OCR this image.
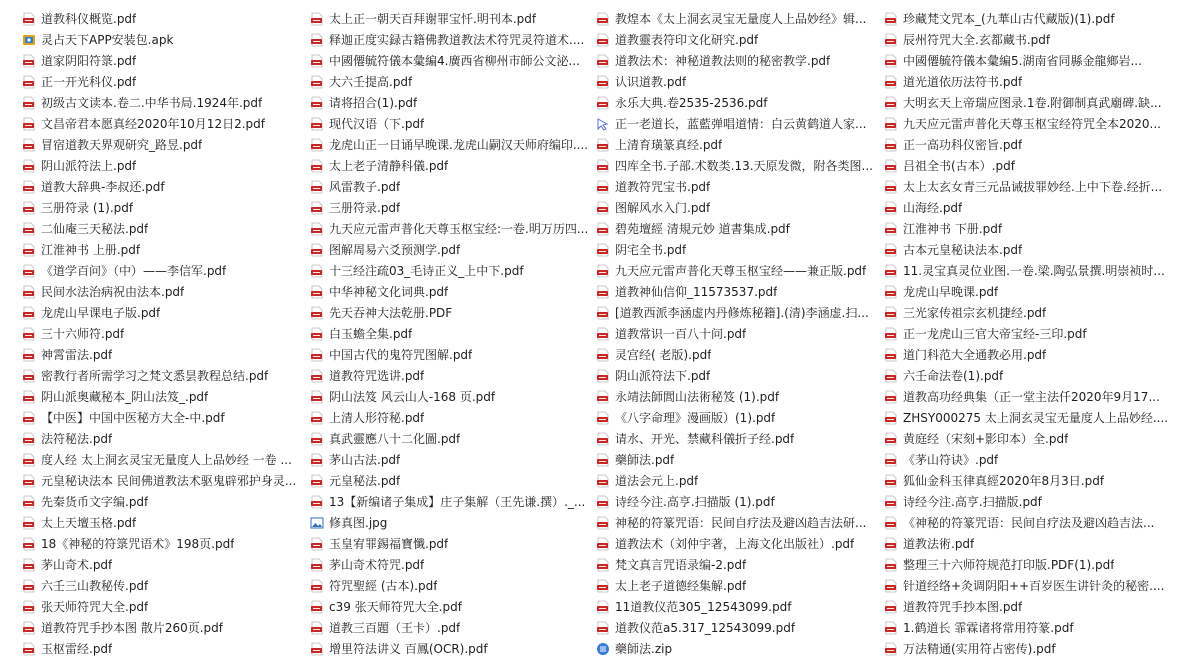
道教科仪概览.pdf
灵占天下APP安装包.apk
道家阴阳符箓.pdf
正一开光科仪.pdf
初级古文读本.卷二.中华书局.1924年.pdf
文昌帝君本愿真经2020年10月12日2.pdf
冒宿道教天界观研究_路昱.pdf
阴山派符法上.pdf
道教大辞典-李叔还.pdf
三册符录 (1).pdf
二仙庵三天秘法.pdf
江淮神书 上册.pdf
《道学百问》（中）——李信军.pdf
民间水法治病祝由法本.pdf
龙虎山早课电子版.pdf
三十六师符.pdf
神霄雷法.pdf
密教行者所需学习之梵文悉昙教程总结.pdf
阴山派奥藏秘本_阴山法笈_.pdf
【中医】中国中医秘方大全-中.pdf
法符秘法.pdf
度人经 太上洞玄灵宝无量度人上品妙经 一卷 ...
元皇秘诀法本 民间佛道教法术驱鬼辟邪护身灵...
先秦货币文字编.pdf
太上天壇玉格.pdf
18《神秘的符箓咒语术》198页.pdf
茅山奇术.pdf
六壬三山教秘传.pdf
张天师符咒大全.pdf
道教符咒手抄本图 散片260页.pdf
玉枢雷经.pdf
太上正一朝天百拜谢罪宝忏.明刊本.pdf
释迦正度实録古籍佛教道教法术符咒灵符道术....
中國僊毓符儀本彙編4.廣西省柳州市師公文泌...
大六壬提高.pdf
请将招合(1).pdf
现代汉语（下.pdf
龙虎山正一日诵早晚课.龙虎山嗣汉天师府编印....
太上老子清静科儀.pdf
风雷教子.pdf
三册符录.pdf
九天应元雷声普化天尊玉枢宝经:一卷.明万历四...
图解周易六爻预测学.pdf
十三经注疏03_毛诗正义_上中下.pdf
中华神秘文化词典.pdf
先天吞神大法乾册.PDF
白玉蟾全集.pdf
中国古代的鬼符咒图解.pdf
道教符咒选讲.pdf
阴山法笈 风云山人-168 页.pdf
上清人形符秘.pdf
真武靈應八十二化圖.pdf
茅山古法.pdf
元皇秘法.pdf
13【新编诸子集成】庄子集解（王先谦.撰）._...
修真图.jpg
玉皇宥罪錫福寶懺.pdf
茅山奇术符咒.pdf
符咒聖經 (古本).pdf
c39 张天师符咒大全.pdf
道教三百題（王卡）.pdf
增里符法讲义 百鳳(OCR).pdf
教煌本《太上洞玄灵宝无量度人上品妙经》辑...
道教靈表符印文化研究.pdf
道教法术：神秘道教法则的秘密教学.pdf
认识道教.pdf
永乐大典.卷2535-2536.pdf
正一老道长，蓝藍弹唱道情：白云黄鹤道人家...
上清育璜篆真经.pdf
四库全书.子部.术数类.13.天原发微，附各类图...
道教符咒宝书.pdf
图解风水入门.pdf
碧苑壇經 清規元妙 道書集成.pdf
阴宅全书.pdf
九天应元雷声普化天尊玉枢宝经——兼正版.pdf
道教神仙信仰_11573537.pdf
[道教西派李涵虚内丹修炼秘籍].(清)李涵虚.扫...
道教常识一百八十问.pdf
灵宫经( 老版).pdf
阴山派符法下.pdf
永靖法師閭山法術秘笈 (1).pdf
《八字命理》漫画版）(1).pdf
请水、开光、禁藏科儀折子经.pdf
藥師法.pdf
道法会元上.pdf
诗经今注.高亨.扫描版 (1).pdf
神秘的符篆咒语：民间自疗法及避凶趋吉法研...
道教法术（刘仲宇著，上海文化出版社）.pdf
梵文真言咒语录编-2.pdf
太上老子道德经集解.pdf
11道教仪范305_12543099.pdf
道教仪范a5.317_12543099.pdf
藥師法.zip
珍藏梵文咒本_(九華山古代藏版)(1).pdf
辰州符咒大全.玄都藏书.pdf
中國僊毓符儀本彙編5.湖南省同縣金龍鄉岩...
道光道依历法符书.pdf
大明玄天上帝瑞应图录.1卷.附御制真武廟碑.缺...
九天应元雷声普化天尊玉枢宝经符咒全本2020...
正一高功科仪密旨.pdf
吕祖全书(古本）.pdf
太上太玄女青三元品诫拔罪妙经.上中下卷.经折...
山海经.pdf
江淮神书 下册.pdf
古本元皇秘诀法本.pdf
11.灵宝真灵位业图.一卷.梁.陶弘景撰.明崇祯时...
龙虎山早晚课.pdf
三光家传祖宗玄机捷经.pdf
正一龙虎山三官大帝宝经-三印.pdf
道门科范大全通教必用.pdf
六壬命法卷(1).pdf
道教高功经典集（正一堂主法仟2020年9月17...
ZHSY000275 太上洞玄灵宝无量度人上品妙经....
黄庭经（宋刻+影印本）全.pdf
《茅山符诀》.pdf
狐仙金科玉律真經2020年8月3日.pdf
诗经今注.高亨.扫描版.pdf
《神秘的符篆咒语：民间自疗法及避凶趋吉法...
道教法術.pdf
整理三十六师符规范打印版.PDF(1).pdf
针道经络+灸调阴阳++百岁医生讲针灸的秘密....
道教符咒手抄本图.pdf
1.鹤道长 霏霖诸将常用符篆.pdf
万法精通(实用符占密传).pdf
